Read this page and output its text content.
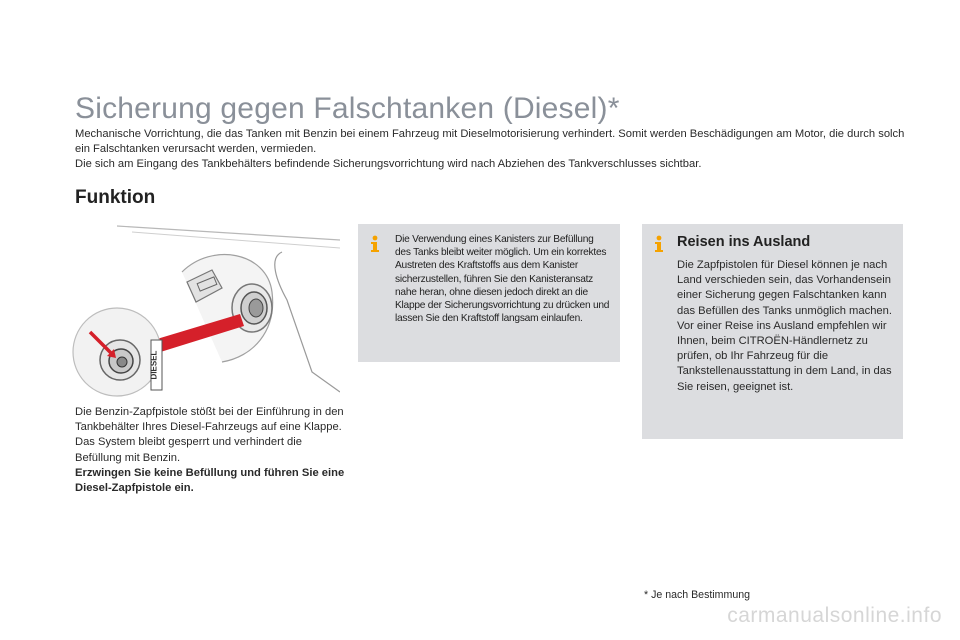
Sicherung gegen Falschtanken (Diesel)*

Mechanische Vorrichtung, die das Tanken mit Benzin bei einem Fahrzeug mit Dieselmotorisierung verhindert. Somit werden Beschädigungen am Motor, die durch solch ein Falschtanken verursacht werden, vermieden.

Die sich am Eingang des Tankbehälters befindende Sicherungsvorrichtung wird nach Abziehen des Tankverschlusses sichtbar.

Funktion
DIESEL

Die Benzin-Zapfpistole stößt bei der Einführung in den Tankbehälter Ihres Diesel-Fahrzeugs auf eine Klappe. Das System bleibt gesperrt und verhindert die Befüllung mit Benzin.

Erzwingen Sie keine Befüllung und führen Sie eine Diesel-Zapfpistole ein.

Die Verwendung eines Kanisters zur Befüllung des Tanks bleibt weiter möglich. Um ein korrektes Austreten des Kraftstoffs aus dem Kanister sicherzustellen, führen Sie den Kanisteransatz nahe heran, ohne diesen jedoch direkt an die Klappe der Sicherungsvorrichtung zu drücken und lassen Sie den Kraftstoff langsam einlaufen.

Reisen ins Ausland

Die Zapfpistolen für Diesel können je nach Land verschieden sein, das Vorhandensein einer Sicherung gegen Falschtanken kann das Befüllen des Tanks unmöglich machen.

Vor einer Reise ins Ausland empfehlen wir Ihnen, beim CITROËN-Händlernetz zu prüfen, ob Ihr Fahrzeug für die Tankstellenausstattung in dem Land, in das Sie reisen, geeignet ist.

* Je nach Bestimmung
carmanualsonline.info
